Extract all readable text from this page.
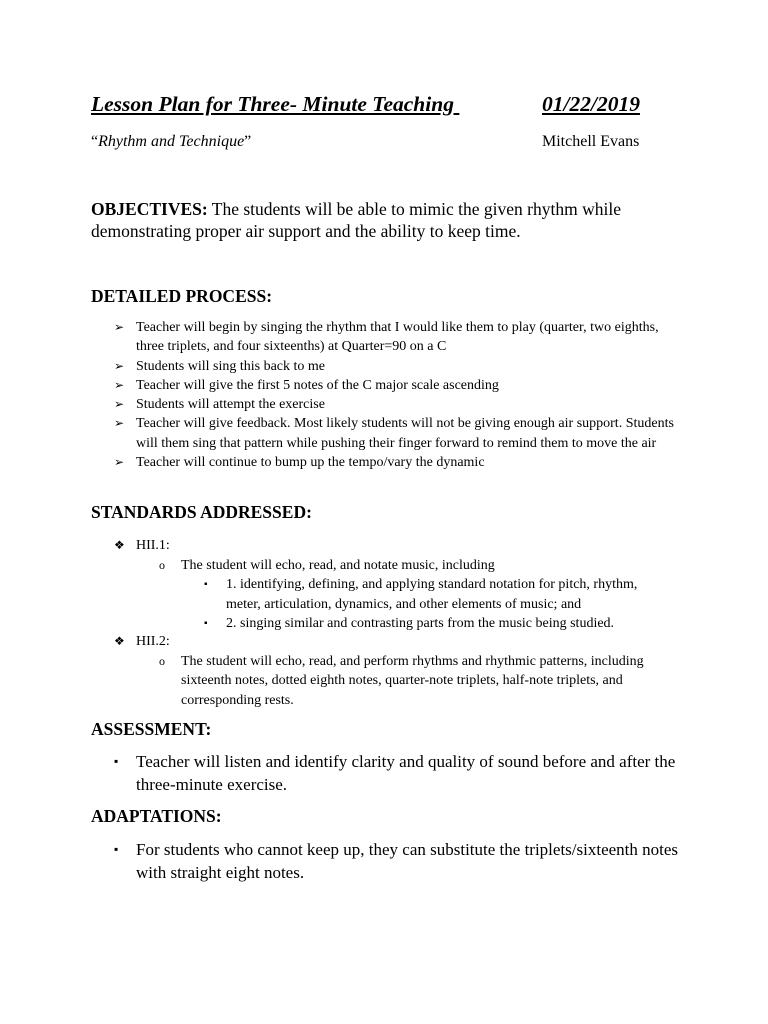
Lesson Plan for Three- Minute Teaching	01/22/2019
“Rhythm and Technique”	Mitchell Evans
OBJECTIVES: The students will be able to mimic the given rhythm while demonstrating proper air support and the ability to keep time.
DETAILED PROCESS:
➢ Teacher will begin by singing the rhythm that I would like them to play (quarter, two eighths, three triplets, and four sixteenths) at Quarter=90 on a C
➢ Students will sing this back to me
➢ Teacher will give the first 5 notes of the C major scale ascending
➢ Students will attempt the exercise
➢ Teacher will give feedback. Most likely students will not be giving enough air support. Students will them sing that pattern while pushing their finger forward to remind them to move the air
➢ Teacher will continue to bump up the tempo/vary the dynamic
STANDARDS ADDRESSED:
❖ HII.1:
o The student will echo, read, and notate music, including
▪ 1. identifying, defining, and applying standard notation for pitch, rhythm, meter, articulation, dynamics, and other elements of music; and
▪ 2. singing similar and contrasting parts from the music being studied.
❖ HII.2:
o The student will echo, read, and perform rhythms and rhythmic patterns, including sixteenth notes, dotted eighth notes, quarter-note triplets, half-note triplets, and corresponding rests.
ASSESSMENT:
▪ Teacher will listen and identify clarity and quality of sound before and after the three-minute exercise.
ADAPTATIONS:
▪ For students who cannot keep up, they can substitute the triplets/sixteenth notes with straight eight notes.
